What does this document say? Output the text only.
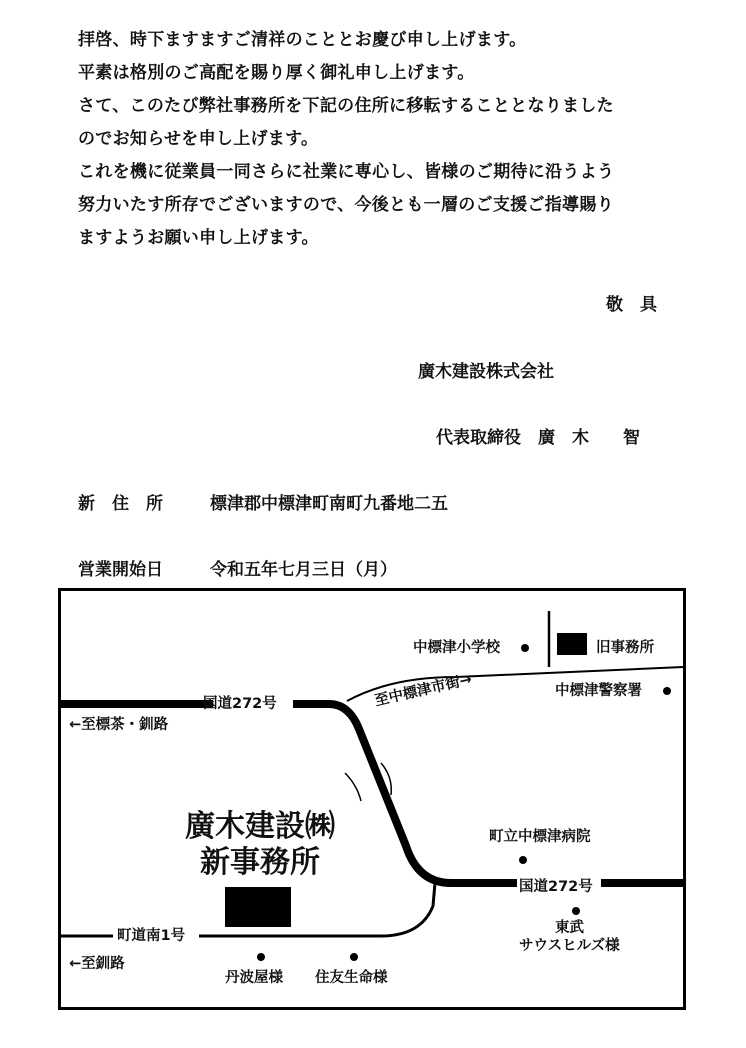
拝啓、時下ますますご清祥のこととお慶び申し上げます。
平素は格別のご高配を賜り厚く御礼申し上げます。
さて、このたび弊社事務所を下記の住所に移転することとなりました
のでお知らせを申し上げます。
これを機に従業員一同さらに社業に専心し、皆様のご期待に沿うよう
努力いたす所存でございますので、今後とも一層のご支援ご指導賜り
ますようお願い申し上げます。
敬　具
廣木建設株式会社
代表取締役　廣　木　　智
新　住　所	標津郡中標津町南町九番地二五
営業開始日	令和五年七月三日（月）
中標津小学校	旧事務所
中標津警察署
国道272号
←至標茶・釧路
至中標津市街→
廣木建設㈱
新事務所
町立中標津病院
国道272号
東武
サウスヒルズ様
町道南1号
←至釧路
丹波屋様 住友生命様
